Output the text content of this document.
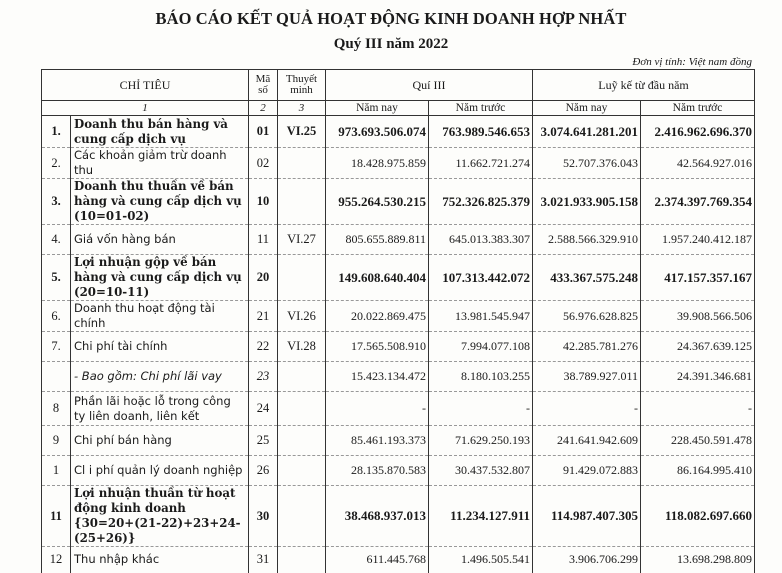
BÁO CÁO KẾT QUẢ HOẠT ĐỘNG KINH DOANH HỢP NHẤT
Quý III năm 2022
Đơn vị tính: Việt nam đồng
CHỈ TIÊU		Mã số	Thuyết minh	Quí III		Luỹ kế từ đầu năm	
1		2	3	Năm nay	Năm trước	Năm nay	Năm trước
1.	Doanh thu bán hàng và cung cấp dịch vụ	01	VI.25	973.693.506.074	763.989.546.653	3.074.641.281.201	2.416.962.696.370
2.	Các khoản giảm trừ doanh thu	02		18.428.975.859	11.662.721.274	52.707.376.043	42.564.927.016
3.	Doanh thu thuần về bán hàng và cung cấp dịch vụ (10=01-02)	10		955.264.530.215	752.326.825.379	3.021.933.905.158	2.374.397.769.354
4.	Giá vốn hàng bán	11	VI.27	805.655.889.811	645.013.383.307	2.588.566.329.910	1.957.240.412.187
5.	Lợi nhuận gộp về bán hàng và cung cấp dịch vụ (20=10-11)	20		149.608.640.404	107.313.442.072	433.367.575.248	417.157.357.167
6.	Doanh thu hoạt động tài chính	21	VI.26	20.022.869.475	13.981.545.947	56.976.628.825	39.908.566.506
7.	Chi phí tài chính	22	VI.28	17.565.508.910	7.994.077.108	42.285.781.276	24.367.639.125
	- Bao gồm: Chi phí lãi vay	23		15.423.134.472	8.180.103.255	38.789.927.011	24.391.346.681
8	Phần lãi hoặc lỗ trong công ty liên doanh, liên kết	24		-	-	-	-
9	Chi phí bán hàng	25		85.461.193.373	71.629.250.193	241.641.942.609	228.450.591.478
1	Cl i phí quản lý doanh nghiệp	26		28.135.870.583	30.437.532.807	91.429.072.883	86.164.995.410
11	Lợi nhuận thuần từ hoạt động kinh doanh {30=20+(21-22)+23+24-(25+26)}	30		38.468.937.013	11.234.127.911	114.987.407.305	118.082.697.660
12	Thu nhập khác	31		611.445.768	1.496.505.541	3.906.706.299	13.698.298.809
